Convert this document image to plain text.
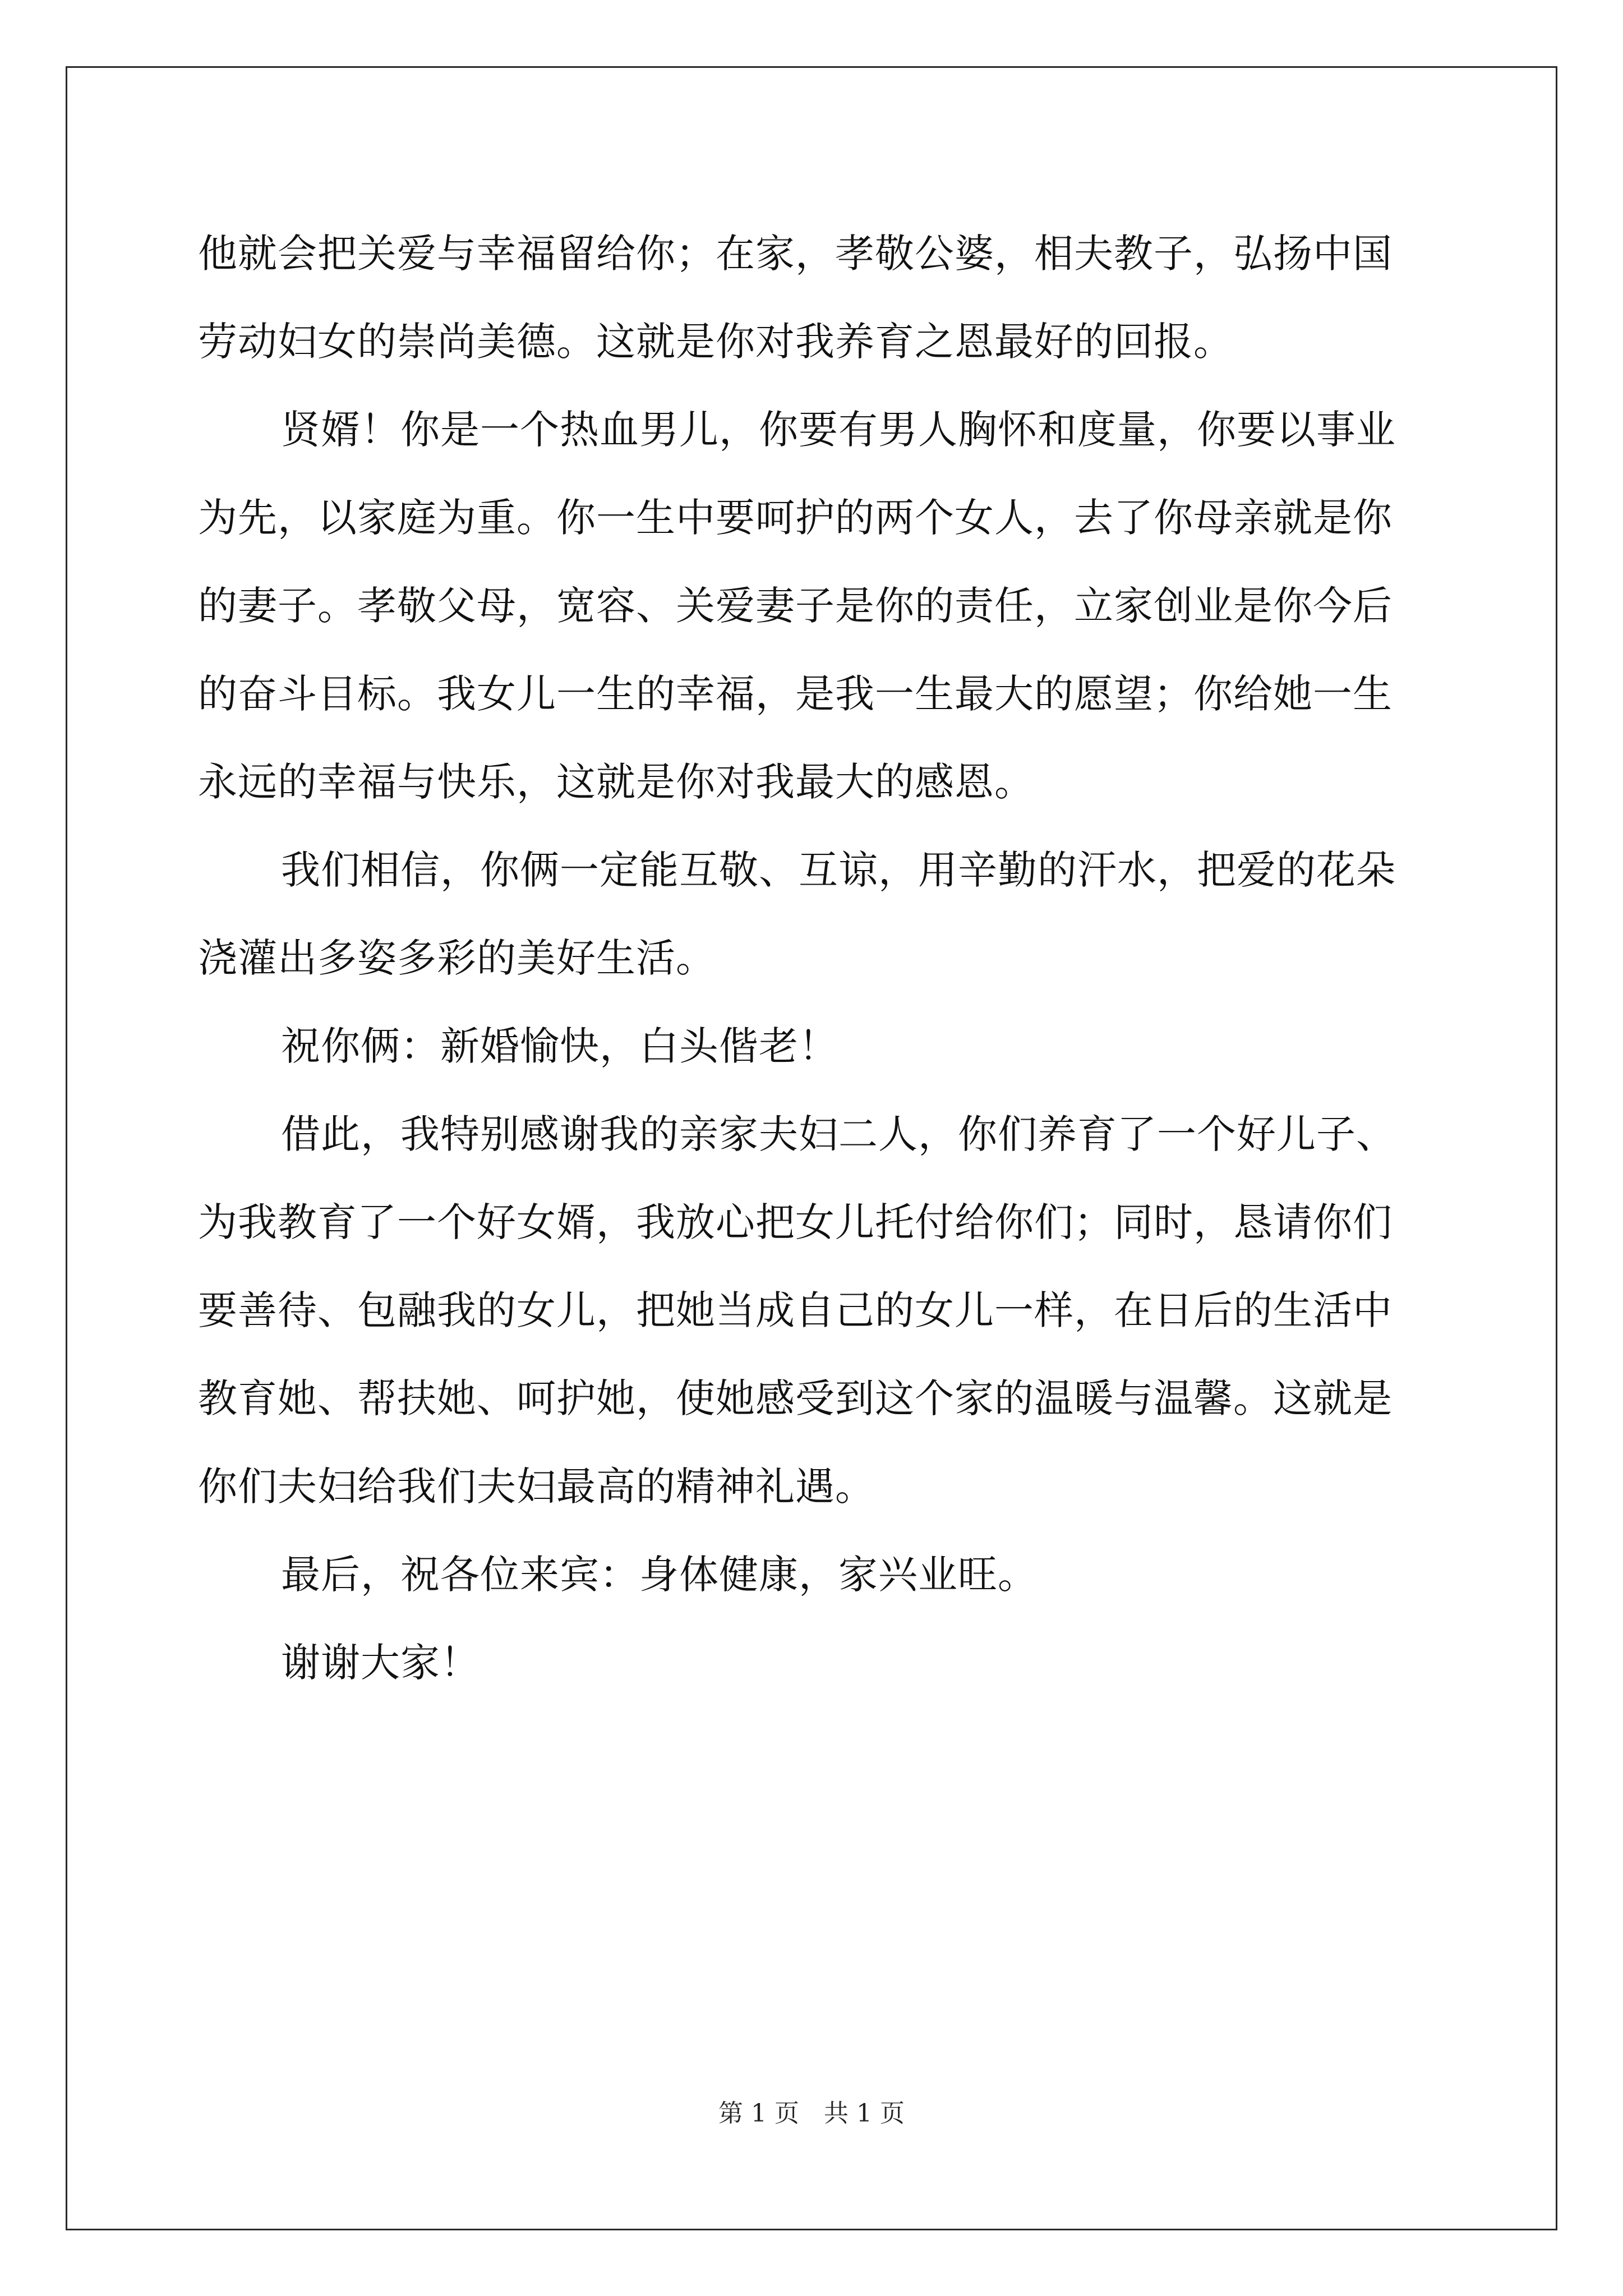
他就会把关爱与幸福留给你；在家，孝敬公婆，相夫教子，弘扬中国
劳动妇女的崇尚美德。这就是你对我养育之恩最好的回报。
贤婿！你是一个热血男儿，你要有男人胸怀和度量，你要以事业
为先，以家庭为重。你一生中要呵护的两个女人，去了你母亲就是你
的妻子。孝敬父母，宽容、关爱妻子是你的责任，立家创业是你今后
的奋斗目标。我女儿一生的幸福，是我一生最大的愿望；你给她一生
永远的幸福与快乐，这就是你对我最大的感恩。
我们相信，你俩一定能互敬、互谅，用辛勤的汗水，把爱的花朵
浇灌出多姿多彩的美好生活。
祝你俩：新婚愉快，白头偕老！
借此，我特别感谢我的亲家夫妇二人，你们养育了一个好儿子、
为我教育了一个好女婿，我放心把女儿托付给你们；同时，恳请你们
要善待、包融我的女儿，把她当成自己的女儿一样，在日后的生活中
教育她、帮扶她、呵护她，使她感受到这个家的温暖与温馨。这就是
你们夫妇给我们夫妇最高的精神礼遇。
最后，祝各位来宾：身体健康，家兴业旺。
谢谢大家！
第 1 页　共 1 页
